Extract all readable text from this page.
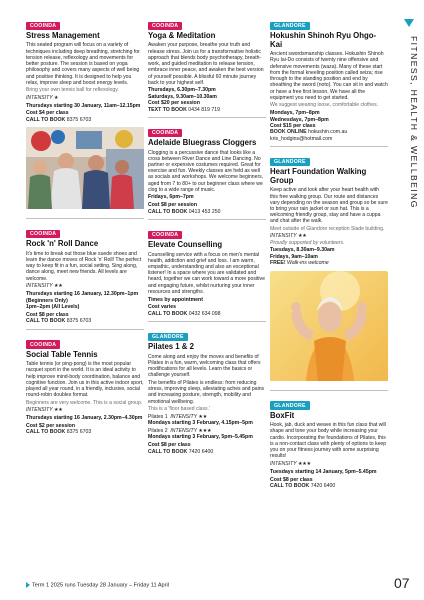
COOINDA
Stress Management
This seated program will focus on a variety of techniques including deep breathing, stretching for tension release, reflexology and movements for better posture. The session is based on yoga philosophy and covers many aspects of well being and positive thinking. It is designed to help you relax, improve sleep and boost energy levels.
Bring your own tennis ball for reflexology.
INTENSITY ★
Thursdays starting 30 January, 11am–12.15pm
Cost $4 per class
CALL TO BOOK 8375 6703
COOINDA
Rock 'n' Roll Dance
It's time to break out those blue suede shoes and learn the dance moves of Rock 'n' Roll! The perfect way to keep fit in a fun, social setting. Sing along, dance along, meet new friends. All levels are welcome.
INTENSITY ★★
Thursdays starting 16 January, 12.30pm–1pm (Beginners Only)
1pm–2pm (All Levels)
Cost $8 per class
CALL TO BOOK 8375 6703
COOINDA
Social Table Tennis
Table tennis (or ping-pong) is the most popular racquet sport in the world. It is an ideal activity to help improve mind-body coordination, balance and cognitive function. Join us in this active indoor sport, played all year round, in a friendly, inclusive, social round-robin doubles format.
Beginners are very welcome. This is a social group.
INTENSITY ★★
Thursdays starting 16 January, 2.30pm–4.30pm
Cost $2 per session
CALL TO BOOK 8375 6703
COOINDA
Yoga & Meditation
Awaken your purpose, breathe your truth and release stress. Join us for a transformative holistic approach that blends body psychotherapy, breath-work, and guided meditation to release tension, embrace inner peace, and awaken the best version of yourself possible. A blissful 60 minute journey back to your highest self.
Thursdays, 6.30pm–7.30pm
Saturdays, 9.30am–10.30am
Cost $20 per session
TEXT TO BOOK 0434 819 719
COOINDA
Adelaide Bluegrass Cloggers
Clogging is a percussive dance that looks like a cross between River Dance and Line Dancing. No partner or expensive costumes required. Great for exercise and fun. Weekly classes are held as well as socials and workshops. We welcome beginners, aged from 7 to 80+ to our beginner class where we clog to a wide range of music.
Fridays, 6pm–7pm
Cost $8 per session
CALL TO BOOK 0413 453 250
COOINDA
Elevate Counselling
Counselling service with a focus on men's mental health, addiction and grief and loss. I am warm, empathic, understanding and also an exceptional listener! In a space where you are validated and heard, together we can work toward a more positive and engaging future, whilst nurturing your inner resources and strengths.
Times by appointment
Cost varies
CALL TO BOOK 0432 634 098
GLANDORE
Pilates 1 & 2
Come along and enjoy the moves and benefits of Pilates in a fun, warm, welcoming class that offers modifications for all levels. Learn the basics or challenge yourself.
The benefits of Pilates is endless: from reducing stress, improving sleep, alleviating aches and pains and increasing posture, strength, mobility and emotional wellbeing.
This is a 'floor based class.'
Pilates 1 INTENSITY ★★
Mondays starting 3 February, 4.15pm–5pm
Pilates 2 INTENSITY ★★★
Mondays starting 3 February, 5pm–5.45pm
Cost $8 per class
CALL TO BOOK 7420 6400
GLANDORE
Hokushin Shinoh Ryu Ohgo-Kai
Ancient swordsmanship classes. Hokushin Shinoh Ryu Iai-Do consists of twenty nine offensive and defensive movements (waza). Many of these start from the formal kneeling position called seiza; rise through to the standing position and end by sheathing the sword (noto). You can sit in and watch or have a free first lesson. We have all the equipment you need to get started.
We suggest wearing loose, comfortable clothes.
Mondays, 7pm–8pm
Wednesdays, 7pm–8pm
Cost $15 per class
BOOK ONLINE hokushin.com.au
kris_hodgins@hotmail.com
GLANDORE
Heart Foundation Walking Group
Keep active and look after your heart health with this free walking group. Our route and distances vary depending on the season and group so be sure to bring your rain jacket or sun hat. This is a welcoming friendly group, stay and have a cuppa and chat after the walk.
Meet outside of Glandore reception Slade building.
INTENSITY ★★
Proudly supported by volunteers.
Tuesdays, 8.30am–9.30am
Fridays, 9am–10am
FREE! Walk-ins welcome
GLANDORE
BoxFit
Hook, jab, duck and weave in this fun class that will shape and tone your body while increasing your cardio. Incorporating the foundations of Pilates, this is a non-contact class with plenty of options to keep you on your fitness journey with some surprising results!
INTENSITY ★★★
Tuesdays starting 14 January, 5pm–5.45pm
Cost $8 per class
CALL TO BOOK 7420 6400
FITNESS, HEALTH & WELLBEING
Term 1 2025 runs Tuesday 28 January – Friday 11 April	07
